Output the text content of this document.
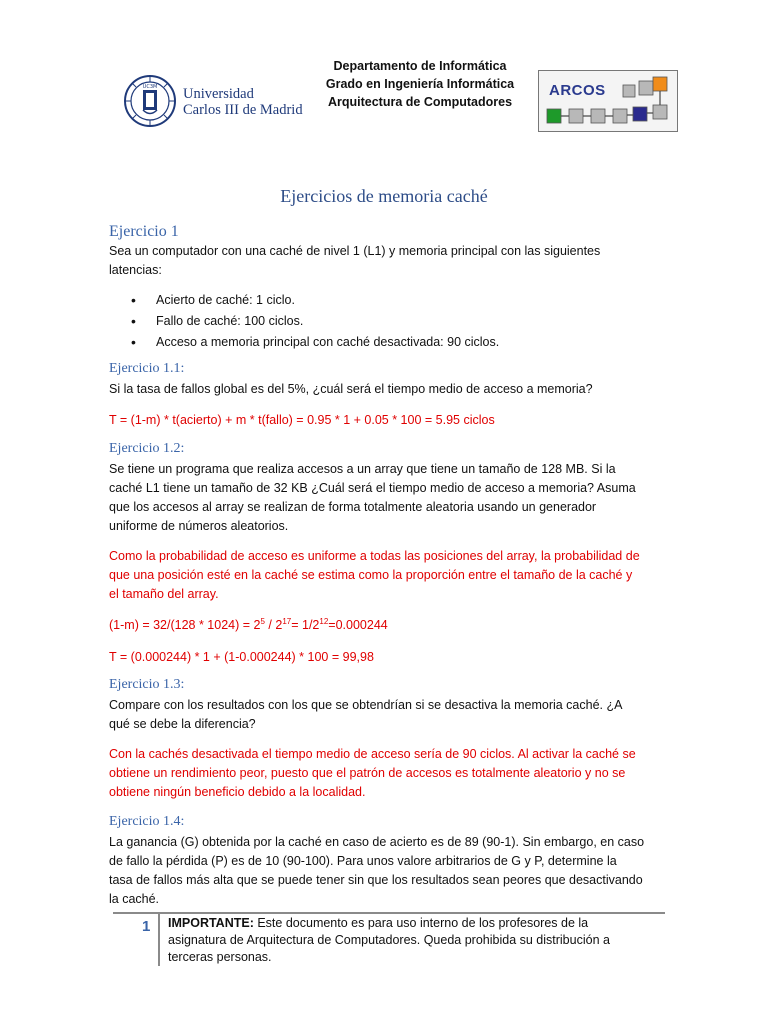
UC3M Universidad
Carlos III de Madrid
Departamento de Informática
Grado en Ingeniería Informática
Arquitectura de Computadores
ARCOS
Ejercicios de memoria caché
Ejercicio 1
Sea un computador con una caché de nivel 1 (L1) y memoria principal con las siguientes
latencias:
• Acierto de caché: 1 ciclo.
• Fallo de caché: 100 ciclos.
• Acceso a memoria principal con caché desactivada: 90 ciclos.
Ejercicio 1.1:
Si la tasa de fallos global es del 5%, ¿cuál será el tiempo medio de acceso a memoria?
T = (1-m) * t(acierto) + m * t(fallo) = 0.95 * 1 + 0.05 * 100 = 5.95 ciclos
Ejercicio 1.2:
Se tiene un programa que realiza accesos a un array que tiene un tamaño de 128 MB. Si la
caché L1 tiene un tamaño de 32 KB ¿Cuál será el tiempo medio de acceso a memoria? Asuma
que los accesos al array se realizan de forma totalmente aleatoria usando un generador
uniforme de números aleatorios.
Como la probabilidad de acceso es uniforme a todas las posiciones del array, la probabilidad de
que una posición esté en la caché se estima como la proporción entre el tamaño de la caché y
el tamaño del array.
$(1-m) = 32/(128 * 1024) = 2^5 / 2^{17}= 1/2^{12}=0.000244$
T = (0.000244) * 1 + (1-0.000244) * 100 = 99,98
Ejercicio 1.3:
Compare con los resultados con los que se obtendrían si se desactiva la memoria caché. ¿A
qué se debe la diferencia?
Con la cachés desactivada el tiempo medio de acceso sería de 90 ciclos. Al activar la caché se
obtiene un rendimiento peor, puesto que el patrón de accesos es totalmente aleatorio y no se
obtiene ningún beneficio debido a la localidad.
Ejercicio 1.4:
La ganancia (G) obtenida por la caché en caso de acierto es de 89 (90-1). Sin embargo, en caso
de fallo la pérdida (P) es de 10 (90-100). Para unos valore arbitrarios de G y P, determine la
tasa de fallos más alta que se puede tener sin que los resultados sean peores que desactivando
la caché.
1 IMPORTANTE: Este documento es para uso interno de los profesores de la
asignatura de Arquitectura de Computadores. Queda prohibida su distribución a
terceras personas.
